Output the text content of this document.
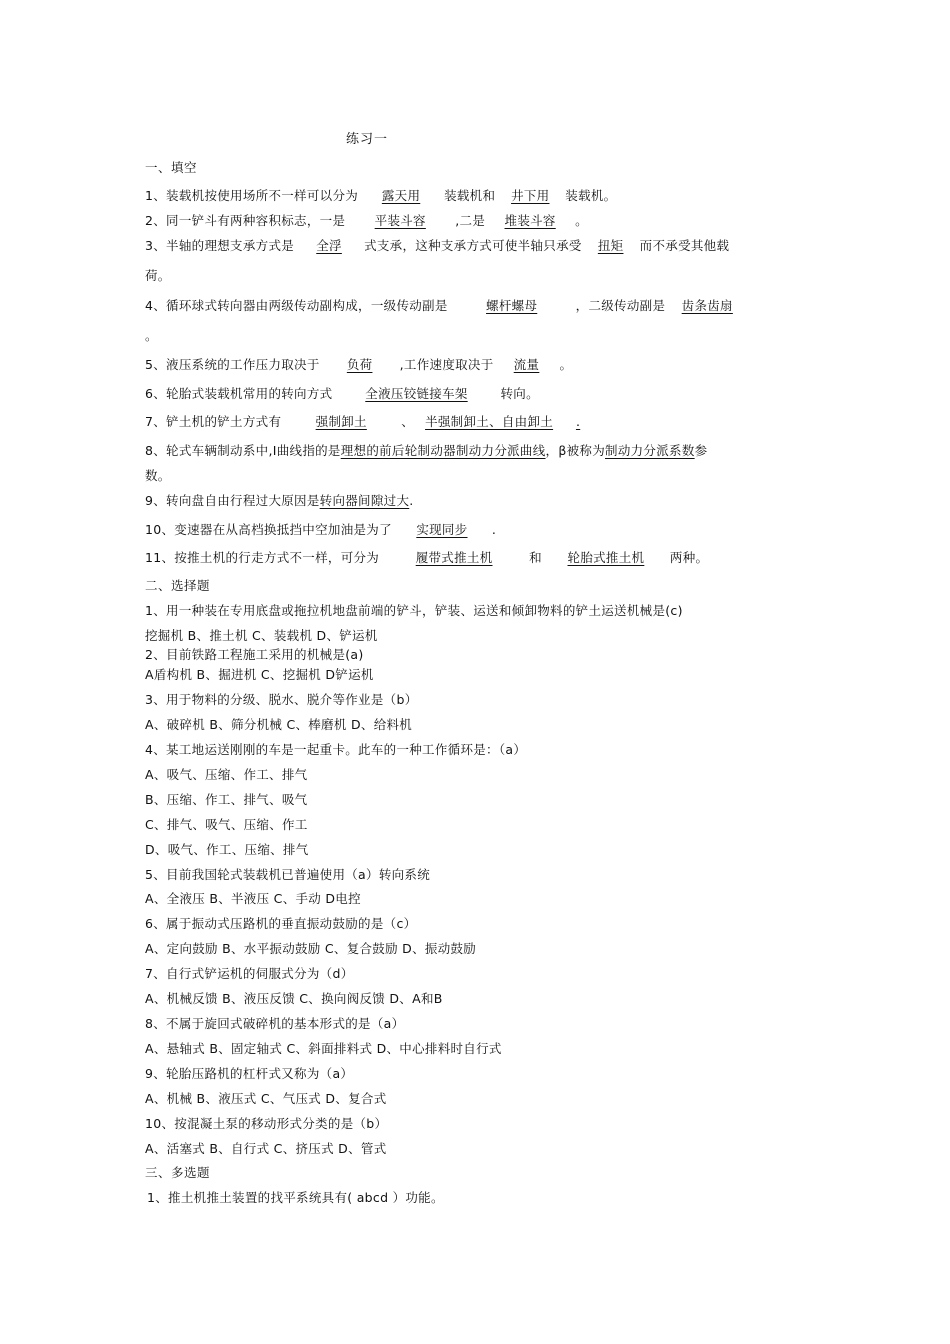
练习一
一、填空
1、装载机按使用场所不一样可以分为 露天用 装载机和 井下用 装载机。
2、同一铲斗有两种容积标志，一是 平装斗容 ,二是 堆装斗容 。
3、半轴的理想支承方式是 全浮 式支承，这种支承方式可使半轴只承受 扭矩 而不承受其他载
荷。
4、循环球式转向器由两级传动副构成，一级传动副是	螺杆螺母	，二级传动副是 齿条齿扇
。
5、液压系统的工作压力取决于 负荷 ,工作速度取决于 流量 。
6、轮胎式装载机常用的转向方式	全液压铰链接车架	转向。
7、铲土机的铲土方式有	强制卸土	、 半强制卸土、自由卸土 .
8、轮式车辆制动系中,I曲线指的是理想的前后轮制动器制动力分派曲线，β被称为制动力分派系数参
数。
9、转向盘自由行程过大原因是转向器间隙过大.
10、变速器在从高档换抵挡中空加油是为了 实现同步 .
11、按推土机的行走方式不一样，可分为	履带式推土机	和 轮胎式推土机 两种。
二、选择题
1、用一种装在专用底盘或拖拉机地盘前端的铲斗，铲装、运送和倾卸物料的铲土运送机械是(c)
挖掘机 B、推土机 C、装载机 D、铲运机
2、目前铁路工程施工采用的机械是(a)
A盾构机 B、掘进机 C、挖掘机 D铲运机
3、用于物料的分级、脱水、脱介等作业是（b）
A、破碎机 B、筛分机械 C、棒磨机 D、给料机
4、某工地运送刚刚的车是一起重卡。此车的一种工作循环是：（a）
A、吸气、压缩、作工、排气
B、压缩、作工、排气、吸气
C、排气、吸气、压缩、作工
D、吸气、作工、压缩、排气
5、目前我国轮式装载机已普遍使用（a）转向系统
A、全液压 B、半液压 C、手动 D电控
6、属于振动式压路机的垂直振动鼓励的是（c）
A、定向鼓励 B、水平振动鼓励 C、复合鼓励 D、振动鼓励
7、自行式铲运机的伺服式分为（d）
A、机械反馈 B、液压反馈 C、换向阀反馈 D、A和B
8、不属于旋回式破碎机的基本形式的是（a）
A、悬轴式 B、固定轴式 C、斜面排料式 D、中心排料时自行式
9、轮胎压路机的杠杆式又称为（a）
A、机械 B、液压式 C、气压式 D、复合式
10、按混凝土泵的移动形式分类的是（b）
A、活塞式 B、自行式 C、挤压式 D、管式
三、多选题
1、推土机推土装置的找平系统具有( abcd ）功能。
